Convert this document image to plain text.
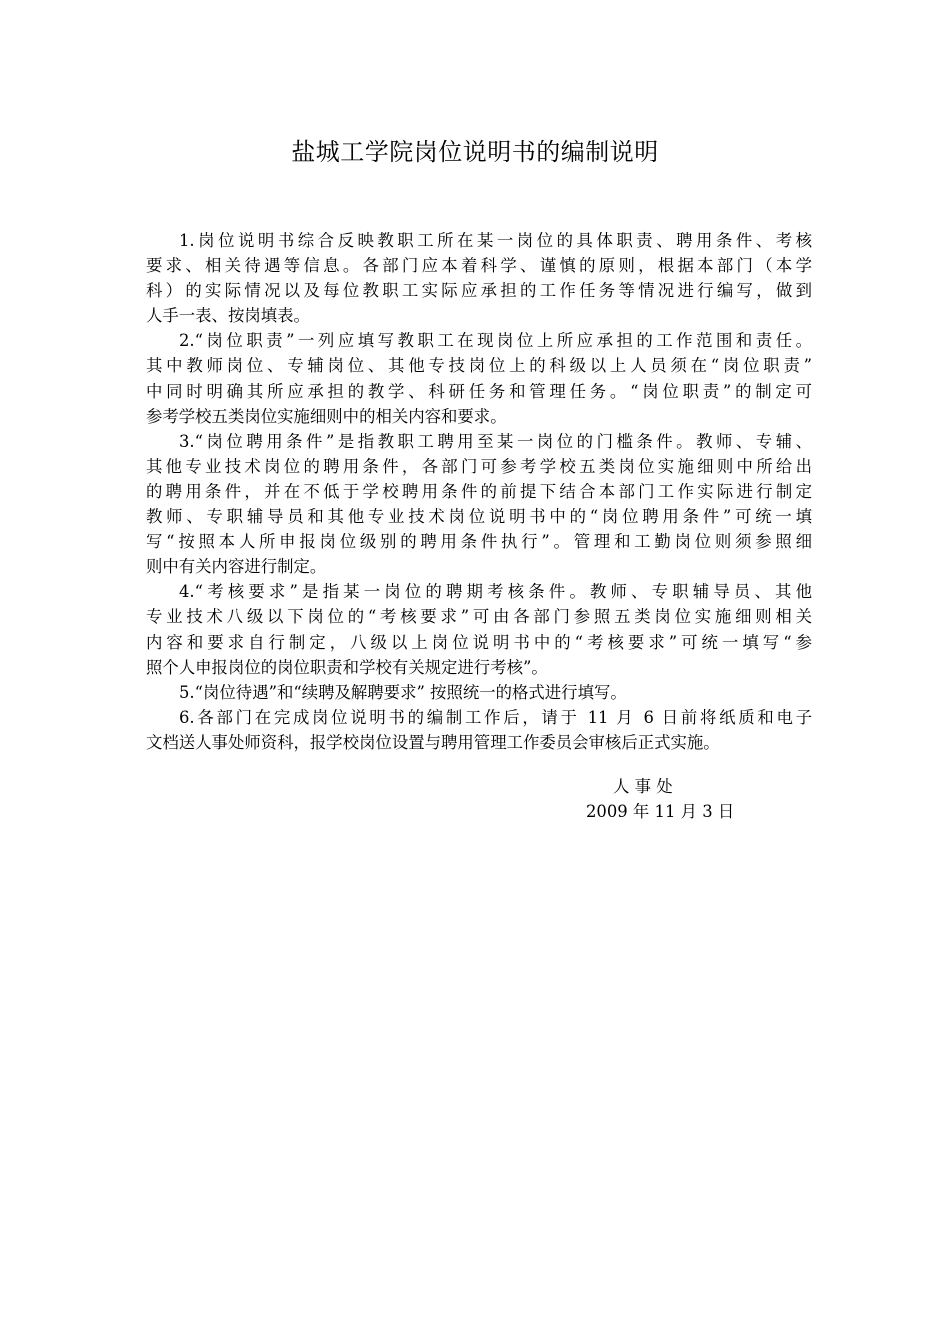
盐城工学院岗位说明书的编制说明
1.岗位说明书综合反映教职工所在某一岗位的具体职责、聘用条件、考核
要求、相关待遇等信息。各部门应本着科学、谨慎的原则，根据本部门（本学
科）的实际情况以及每位教职工实际应承担的工作任务等情况进行编写，做到
人手一表、按岗填表。
2.“岗位职责”一列应填写教职工在现岗位上所应承担的工作范围和责任。
其中教师岗位、专辅岗位、其他专技岗位上的科级以上人员须在“岗位职责”
中同时明确其所应承担的教学、科研任务和管理任务。“岗位职责”的制定可
参考学校五类岗位实施细则中的相关内容和要求。
3.“岗位聘用条件”是指教职工聘用至某一岗位的门槛条件。教师、专辅、
其他专业技术岗位的聘用条件，各部门可参考学校五类岗位实施细则中所给出
的聘用条件，并在不低于学校聘用条件的前提下结合本部门工作实际进行制定
教师、专职辅导员和其他专业技术岗位说明书中的“岗位聘用条件”可统一填
写“按照本人所申报岗位级别的聘用条件执行”。管理和工勤岗位则须参照细
则中有关内容进行制定。
4.“考核要求”是指某一岗位的聘期考核条件。教师、专职辅导员、其他
专业技术八级以下岗位的“考核要求”可由各部门参照五类岗位实施细则相关
内容和要求自行制定，八级以上岗位说明书中的“考核要求”可统一填写“参
照个人申报岗位的岗位职责和学校有关规定进行考核”。
5.“岗位待遇”和“续聘及解聘要求” 按照统一的格式进行填写。
6.各部门在完成岗位说明书的编制工作后，请于 11 月 6 日前将纸质和电子
文档送人事处师资科，报学校岗位设置与聘用管理工作委员会审核后正式实施。
人 事 处
2009 年 11 月 3 日
